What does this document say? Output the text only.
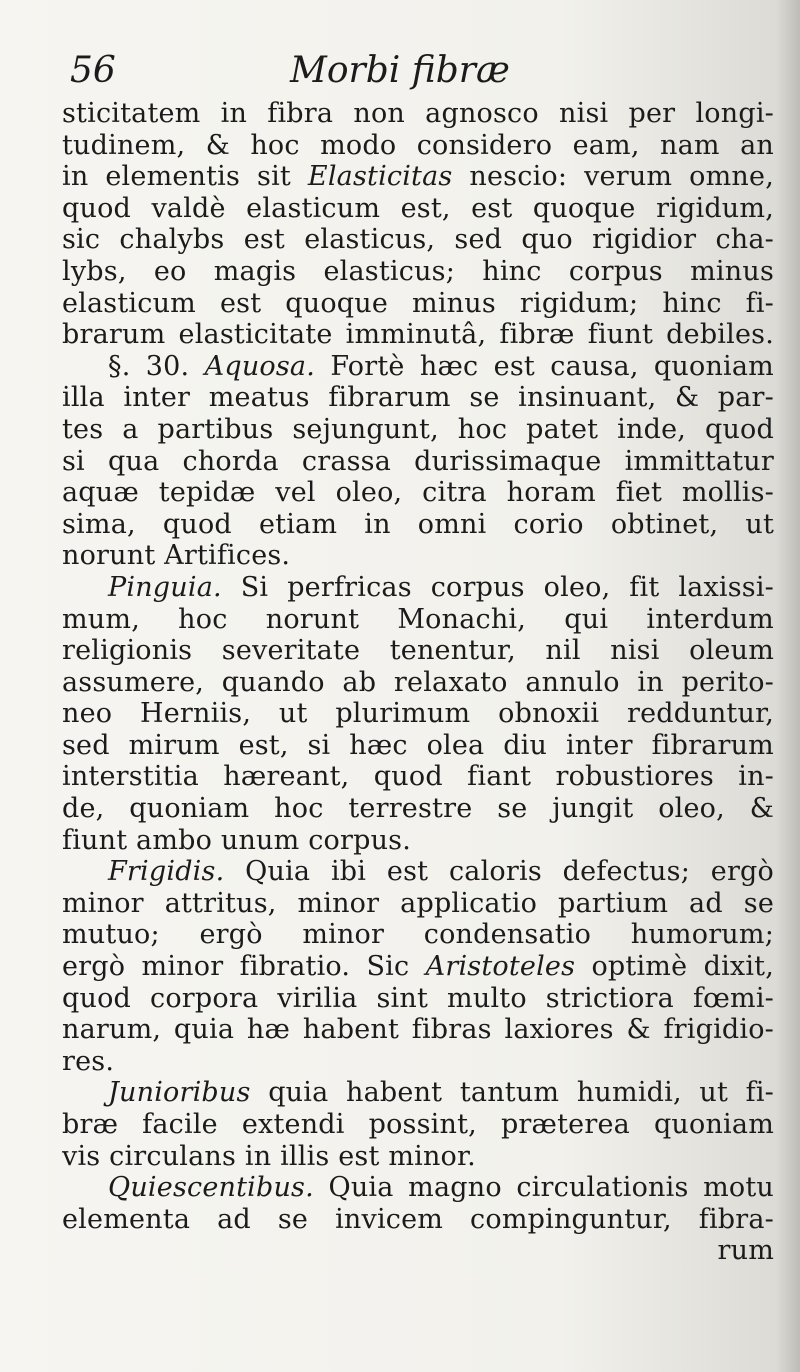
56	Morbi fibræ
sticitatem in fibra non agnosco nisi per longi-
tudinem, & hoc modo considero eam, nam an
in elementis sit Elasticitas nescio: verum omne,
quod valdè elasticum est, est quoque rigidum,
sic chalybs est elasticus, sed quo rigidior cha-
lybs, eo magis elasticus; hinc corpus minus
elasticum est quoque minus rigidum; hinc fi-
brarum elasticitate imminutâ, fibræ fiunt debiles.
§. 30. Aquosa. Fortè hæc est causa, quoniam
illa inter meatus fibrarum se insinuant, & par-
tes a partibus sejungunt, hoc patet inde, quod
si qua chorda crassa durissimaque immittatur
aquæ tepidæ vel oleo, citra horam fiet mollis-
sima, quod etiam in omni corio obtinet, ut
norunt Artifices.
Pinguia. Si perfricas corpus oleo, fit laxissi-
mum, hoc norunt Monachi, qui interdum
religionis severitate tenentur, nil nisi oleum
assumere, quando ab relaxato annulo in perito-
neo Herniis, ut plurimum obnoxii redduntur,
sed mirum est, si hæc olea diu inter fibrarum
interstitia hæreant, quod fiant robustiores in-
de, quoniam hoc terrestre se jungit oleo, &
fiunt ambo unum corpus.
Frigidis. Quia ibi est caloris defectus; ergò
minor attritus, minor applicatio partium ad se
mutuo; ergò minor condensatio humorum;
ergò minor fibratio. Sic Aristoteles optimè dixit,
quod corpora virilia sint multo strictiora fœmi-
narum, quia hæ habent fibras laxiores & frigidio-
res.
Junioribus quia habent tantum humidi, ut fi-
bræ facile extendi possint, præterea quoniam
vis circulans in illis est minor.
Quiescentibus. Quia magno circulationis motu
elementa ad se invicem compinguntur, fibra-
rum
